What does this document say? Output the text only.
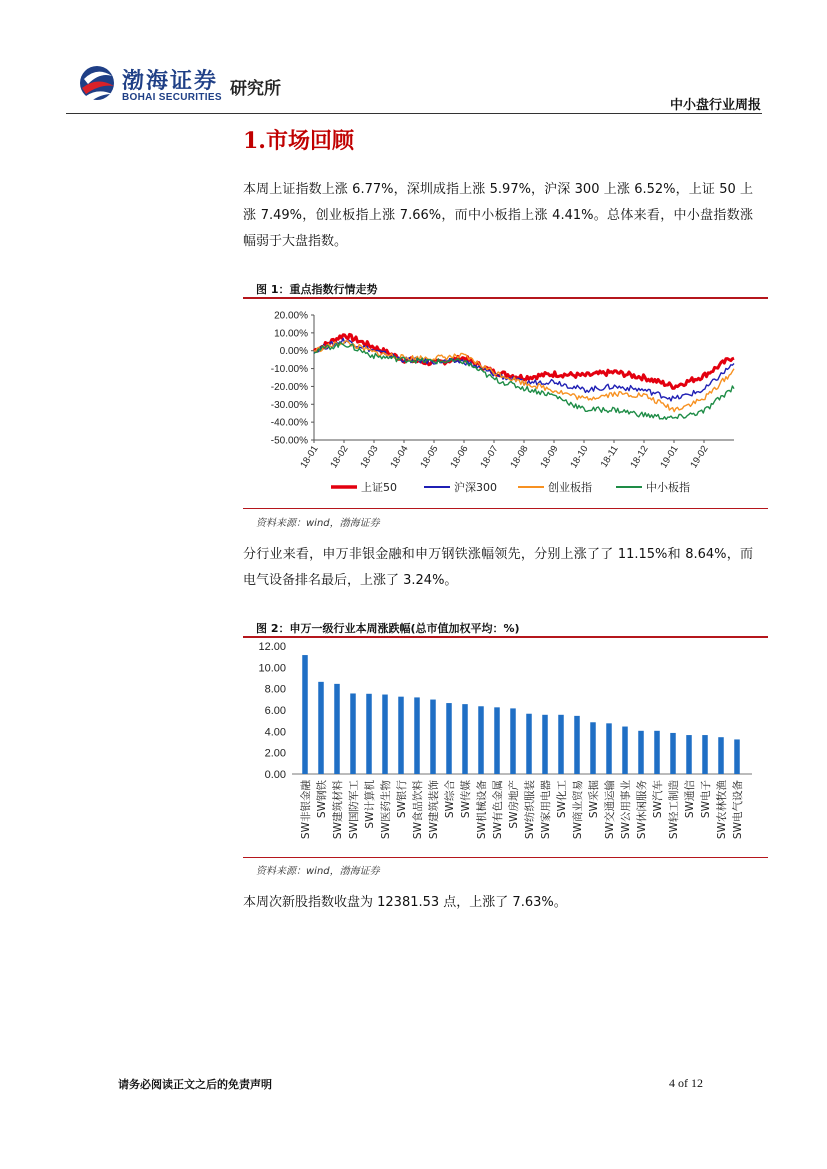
渤海证券
BOHAI SECURITIES 研究所
中小盘行业周报
1.市场回顾
本周上证指数上涨 6.77%，深圳成指上涨 5.97%，沪深 300 上涨 6.52%，上证 50 上涨 7.49%，创业板指上涨 7.66%，而中小板指上涨 4.41%。总体来看，中小盘指数涨幅弱于大盘指数。
图 1：重点指数行情走势
20.00%
10.00%
0.00%
-10.00%
-20.00%
-30.00%
-40.00%
-50.00%
18-01 18-02 18-03 18-04 18-05 18-06 18-07 18-08 18-09 18-10 18-11 18-12 19-01 19-02
上证50	沪深300	创业板指	中小板指
资料来源：wind，渤海证券
分行业来看，申万非银金融和申万钢铁涨幅领先，分别上涨了了 11.15%和 8.64%，而电气设备排名最后，上涨了 3.24%。
图 2：申万一级行业本周涨跌幅(总市值加权平均：%)
12.00
10.00
8.00
6.00
4.00
2.00
0.00
SW非银金融 SW钢铁 SW建筑材料 SW国防军工 SW计算机 SW医药生物 SW银行 SW食品饮料 SW建筑装饰 SW综合 SW传媒 SW机械设备 SW有色金属 SW房地产 SW纺织服装 SW家用电器 SW化工 SW商业贸易 SW采掘 SW交通运输 SW公用事业 SW休闲服务 SW汽车 SW轻工制造 SW通信 SW电子 SW农林牧渔 SW电气设备
资料来源：wind，渤海证券
本周次新股指数收盘为 12381.53 点，上涨了 7.63%。
请务必阅读正文之后的免责声明	4 of 12
